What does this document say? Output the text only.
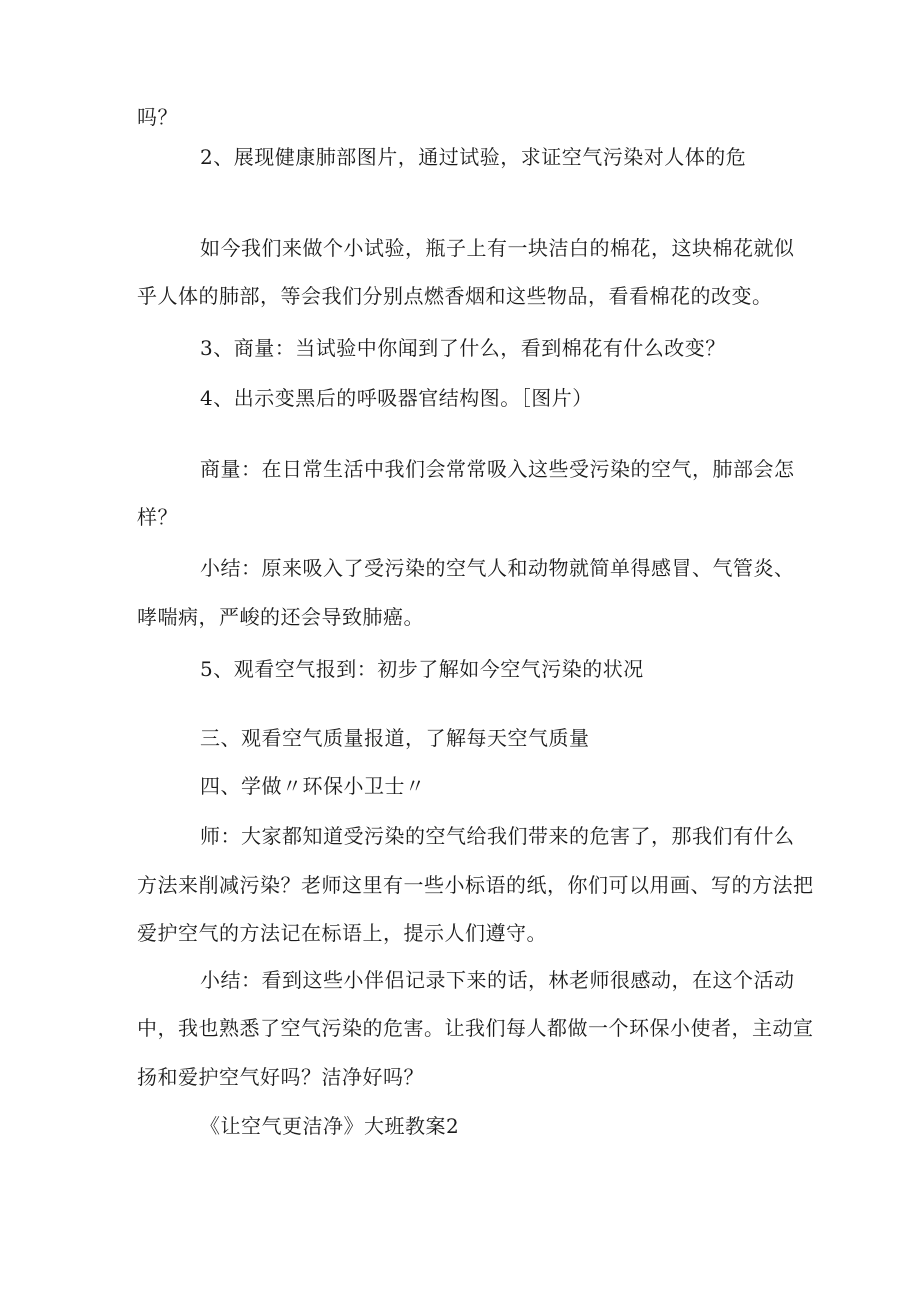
吗？
2、展现健康肺部图片，通过试验，求证空气污染对人体的危
如今我们来做个小试验，瓶子上有一块洁白的棉花，这块棉花就似
乎人体的肺部，等会我们分别点燃香烟和这些物品，看看棉花的改变。
3、商量：当试验中你闻到了什么，看到棉花有什么改变？
4、出示变黑后的呼吸器官结构图。［图片）
商量：在日常生活中我们会常常吸入这些受污染的空气，肺部会怎
样？
小结：原来吸入了受污染的空气人和动物就简单得感冒、气管炎、
哮喘病，严峻的还会导致肺癌。
5、观看空气报到：初步了解如今空气污染的状况
三、观看空气质量报道，了解每天空气质量
四、学做〃环保小卫士〃
师：大家都知道受污染的空气给我们带来的危害了，那我们有什么
方法来削减污染？老师这里有一些小标语的纸，你们可以用画、写的方法把
爱护空气的方法记在标语上，提示人们遵守。
小结：看到这些小伴侣记录下来的话，林老师很感动，在这个活动
中，我也熟悉了空气污染的危害。让我们每人都做一个环保小使者，主动宣
扬和爱护空气好吗？洁净好吗？
《让空气更洁净》大班教案2
